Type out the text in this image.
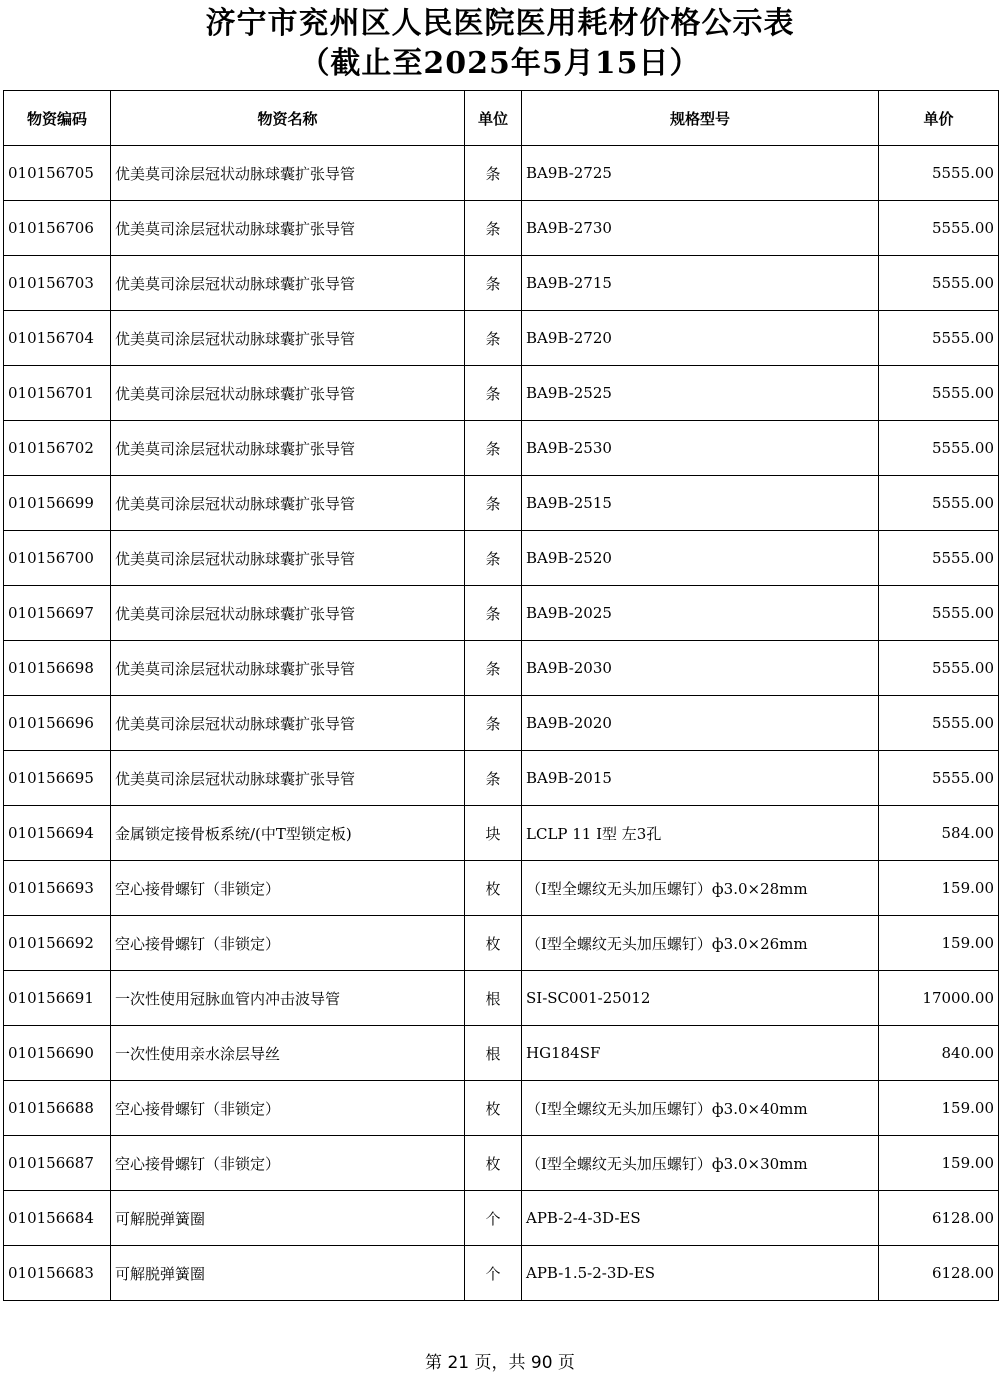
济宁市兖州区人民医院医用耗材价格公示表
（截止至2025年5月15日）
物资编码	物资名称	单位	规格型号	单价
010156705	优美莫司涂层冠状动脉球囊扩张导管	条	BA9B-2725	5555.00
010156706	优美莫司涂层冠状动脉球囊扩张导管	条	BA9B-2730	5555.00
010156703	优美莫司涂层冠状动脉球囊扩张导管	条	BA9B-2715	5555.00
010156704	优美莫司涂层冠状动脉球囊扩张导管	条	BA9B-2720	5555.00
010156701	优美莫司涂层冠状动脉球囊扩张导管	条	BA9B-2525	5555.00
010156702	优美莫司涂层冠状动脉球囊扩张导管	条	BA9B-2530	5555.00
010156699	优美莫司涂层冠状动脉球囊扩张导管	条	BA9B-2515	5555.00
010156700	优美莫司涂层冠状动脉球囊扩张导管	条	BA9B-2520	5555.00
010156697	优美莫司涂层冠状动脉球囊扩张导管	条	BA9B-2025	5555.00
010156698	优美莫司涂层冠状动脉球囊扩张导管	条	BA9B-2030	5555.00
010156696	优美莫司涂层冠状动脉球囊扩张导管	条	BA9B-2020	5555.00
010156695	优美莫司涂层冠状动脉球囊扩张导管	条	BA9B-2015	5555.00
010156694	金属锁定接骨板系统/(中T型锁定板)	块	LCLP 11 Ⅰ型 左3孔	584.00
010156693	空心接骨螺钉（非锁定）	枚	（I型全螺纹无头加压螺钉）ф3.0×28mm	159.00
010156692	空心接骨螺钉（非锁定）	枚	（I型全螺纹无头加压螺钉）ф3.0×26mm	159.00
010156691	一次性使用冠脉血管内冲击波导管	根	SI-SC001-25012	17000.00
010156690	一次性使用亲水涂层导丝	根	HG184SF	840.00
010156688	空心接骨螺钉（非锁定）	枚	（I型全螺纹无头加压螺钉）ф3.0×40mm	159.00
010156687	空心接骨螺钉（非锁定）	枚	（I型全螺纹无头加压螺钉）ф3.0×30mm	159.00
010156684	可解脱弹簧圈	个	APB-2-4-3D-ES	6128.00
010156683	可解脱弹簧圈	个	APB-1.5-2-3D-ES	6128.00
第 21 页，共 90 页
